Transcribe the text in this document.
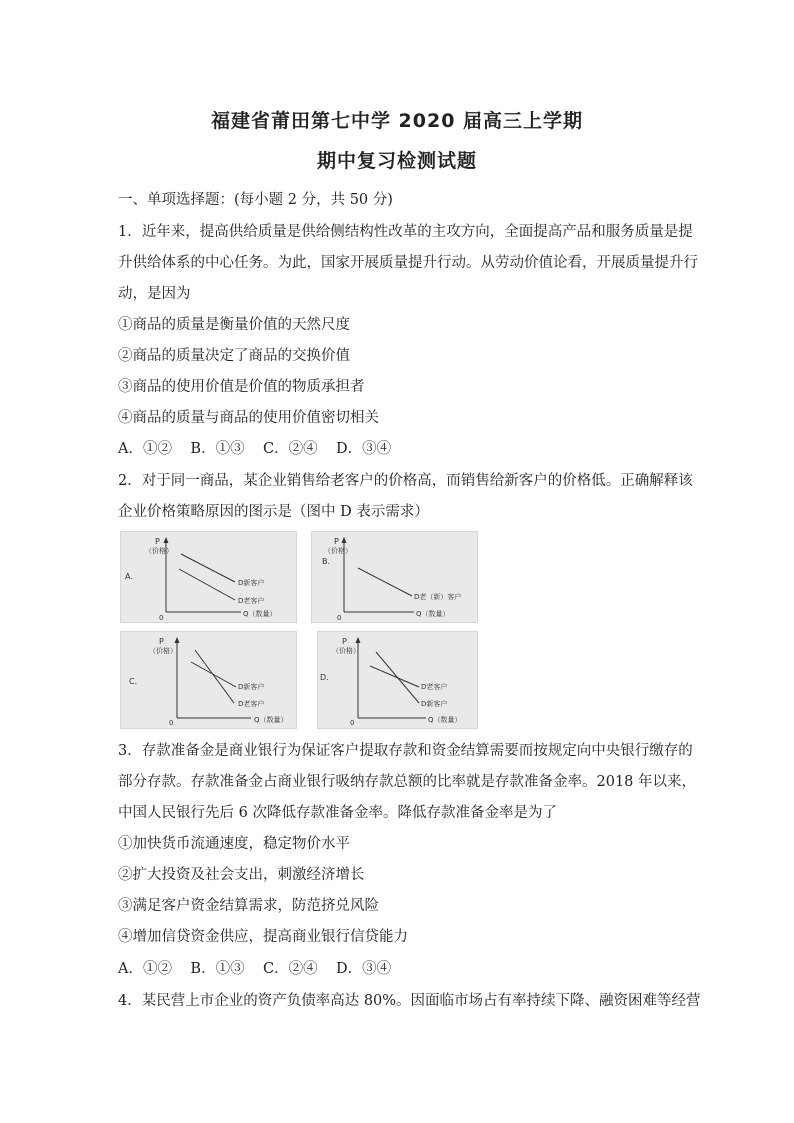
福建省莆田第七中学 2020 届高三上学期
期中复习检测试题
一、单项选择题：(每小题 2 分，共 50 分)
1．近年来，提高供给质量是供给侧结构性改革的主攻方向，全面提高产品和服务质量是提
升供给体系的中心任务。为此，国家开展质量提升行动。从劳动价值论看，开展质量提升行
动，是因为
①商品的质量是衡量价值的天然尺度
②商品的质量决定了商品的交换价值
③商品的使用价值是价值的物质承担者
④商品的质量与商品的使用价值密切相关
A．①②    B．①③    C．②④    D．③④
2．对于同一商品，某企业销售给老客户的价格高，而销售给新客户的价格低。正确解释该
企业价格策略原因的图示是（图中 D 表示需求）
P
（价格）
0	Q（数量）
A.
D新客户
D老客户
P
（价格）
B.
0	Q（数量）
D老（新）客户
P
（价格）
C.
0	Q（数量）
D新客户
D老客户
P
（价格）
D.
0	Q（数量）
D老客户
D新客户
3．存款准备金是商业银行为保证客户提取存款和资金结算需要而按规定向中央银行缴存的
部分存款。存款准备金占商业银行吸纳存款总额的比率就是存款准备金率。2018 年以来，
中国人民银行先后 6 次降低存款准备金率。降低存款准备金率是为了
①加快货币流通速度，稳定物价水平
②扩大投资及社会支出，刺激经济增长
③满足客户资金结算需求，防范挤兑风险
④增加信贷资金供应，提高商业银行信贷能力
A．①②    B．①③    C．②④    D．③④
4．某民营上市企业的资产负债率高达 80%。因面临市场占有率持续下降、融资困难等经营
